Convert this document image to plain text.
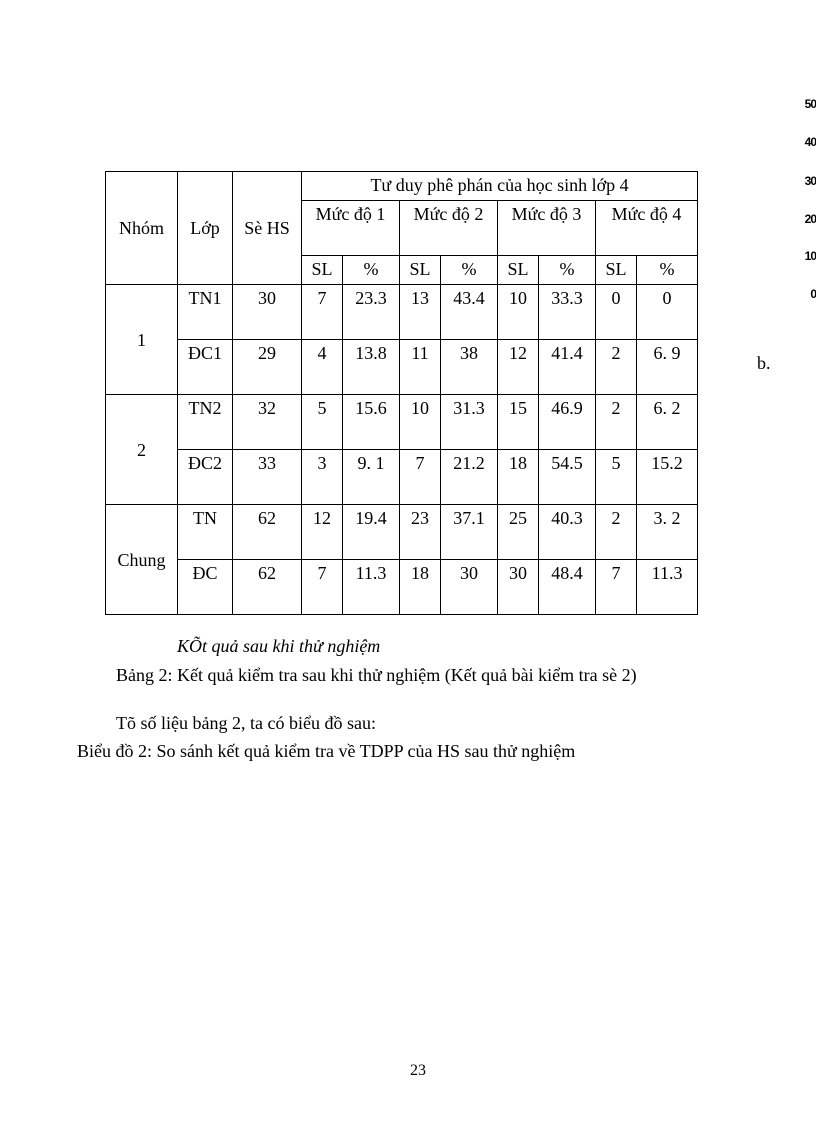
50
40
30
20
10
0
b.
Nhóm	Lớp	Sè HS	Tư duy phê phán của học sinh lớp 4							
			Mức độ 1		Mức độ 2		Mức độ 3		Mức độ 4	
			SL	%	SL	%	SL	%	SL	%
1	TN1	30	7	23.3	13	43.4	10	33.3	0	0
	ĐC1	29	4	13.8	11	38	12	41.4	2	6. 9
2	TN2	32	5	15.6	10	31.3	15	46.9	2	6. 2
	ĐC2	33	3	9. 1	7	21.2	18	54.5	5	15.2
Chung	TN	62	12	19.4	23	37.1	25	40.3	2	3. 2
	ĐC	62	7	11.3	18	30	30	48.4	7	11.3
KÕt quả sau khi thử nghiệm
Bảng 2: Kết quả kiểm tra sau khi thử nghiệm (Kết quả bài kiểm tra sè 2)
Tõ số liệu bảng 2, ta có biểu đồ sau:
Biểu đồ 2: So sánh kết quả kiểm tra về TDPP của HS sau thử nghiệm
23
